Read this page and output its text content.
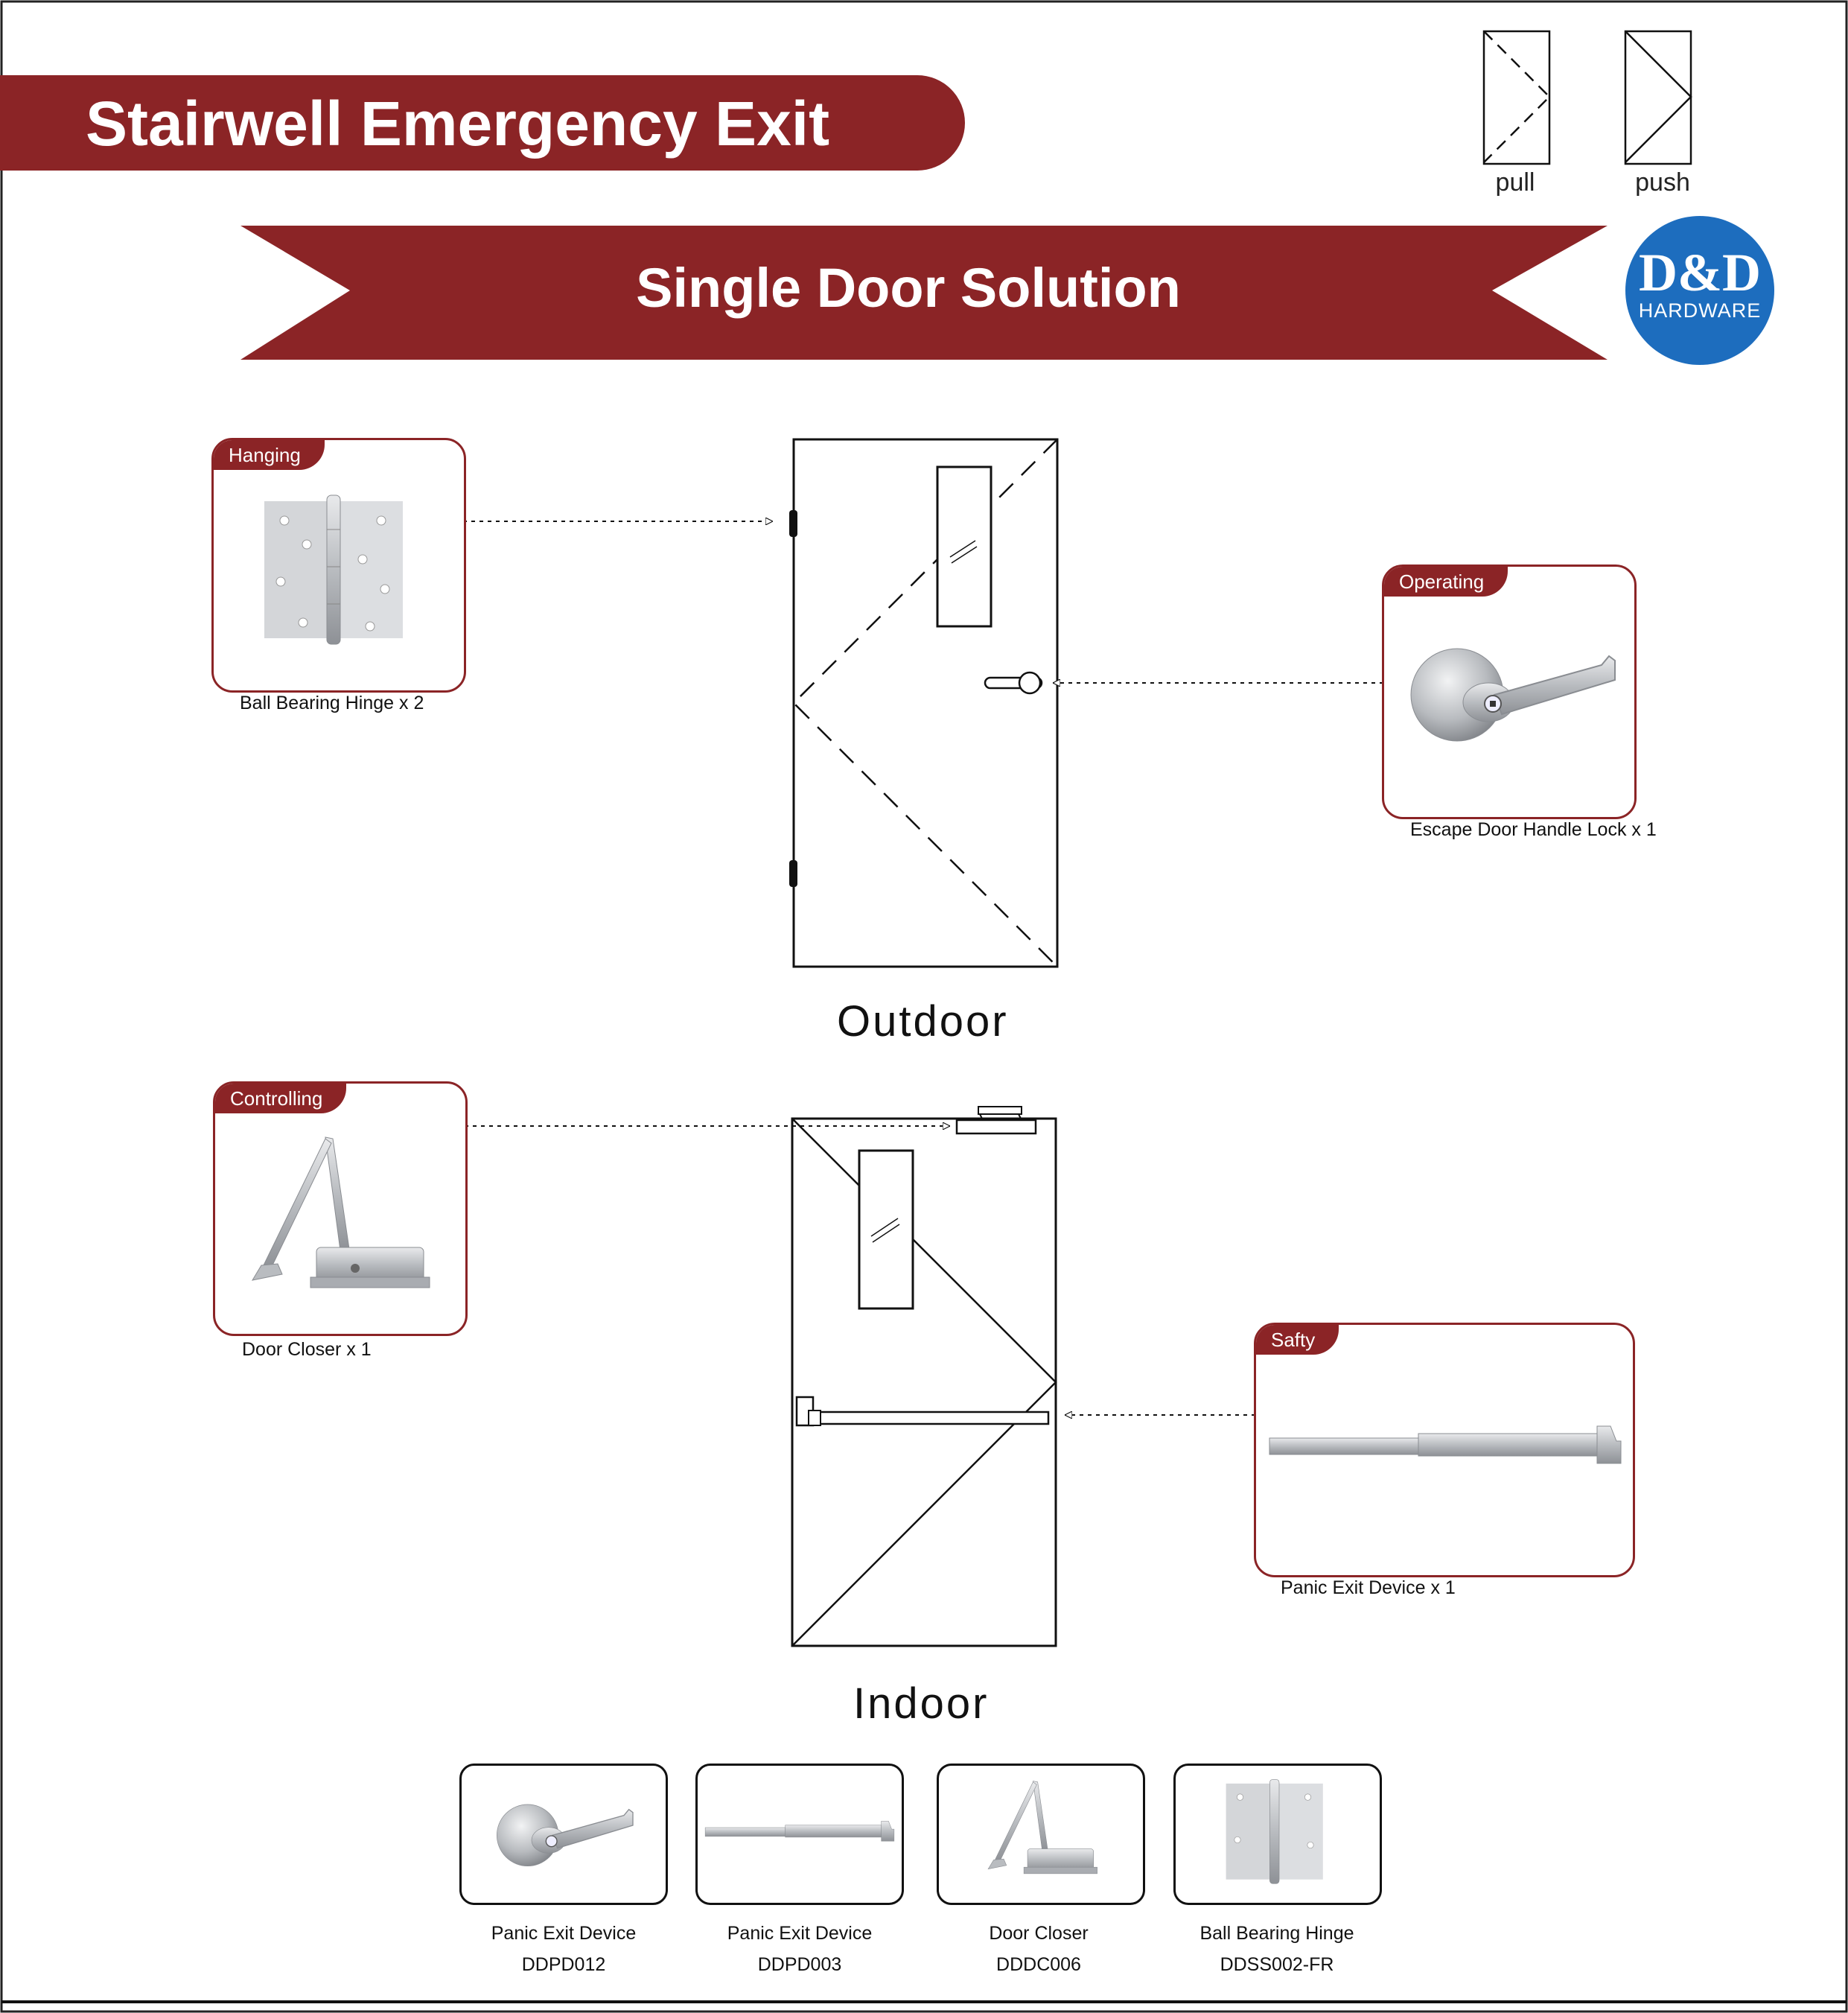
Stairwell Emergency Exit
Single Door Solution
pull	push
D&D
HARDWARE
Hanging
Ball Bearing Hinge x 2
Operating
Escape Door Handle Lock x 1
Outdoor
Controlling
Door Closer x 1	Safty
Panic Exit Device x 1
Indoor
Panic Exit Device
DDPD012
Panic Exit Device
DDPD003
Door Closer
DDDC006
Ball Bearing Hinge
DDSS002-FR
